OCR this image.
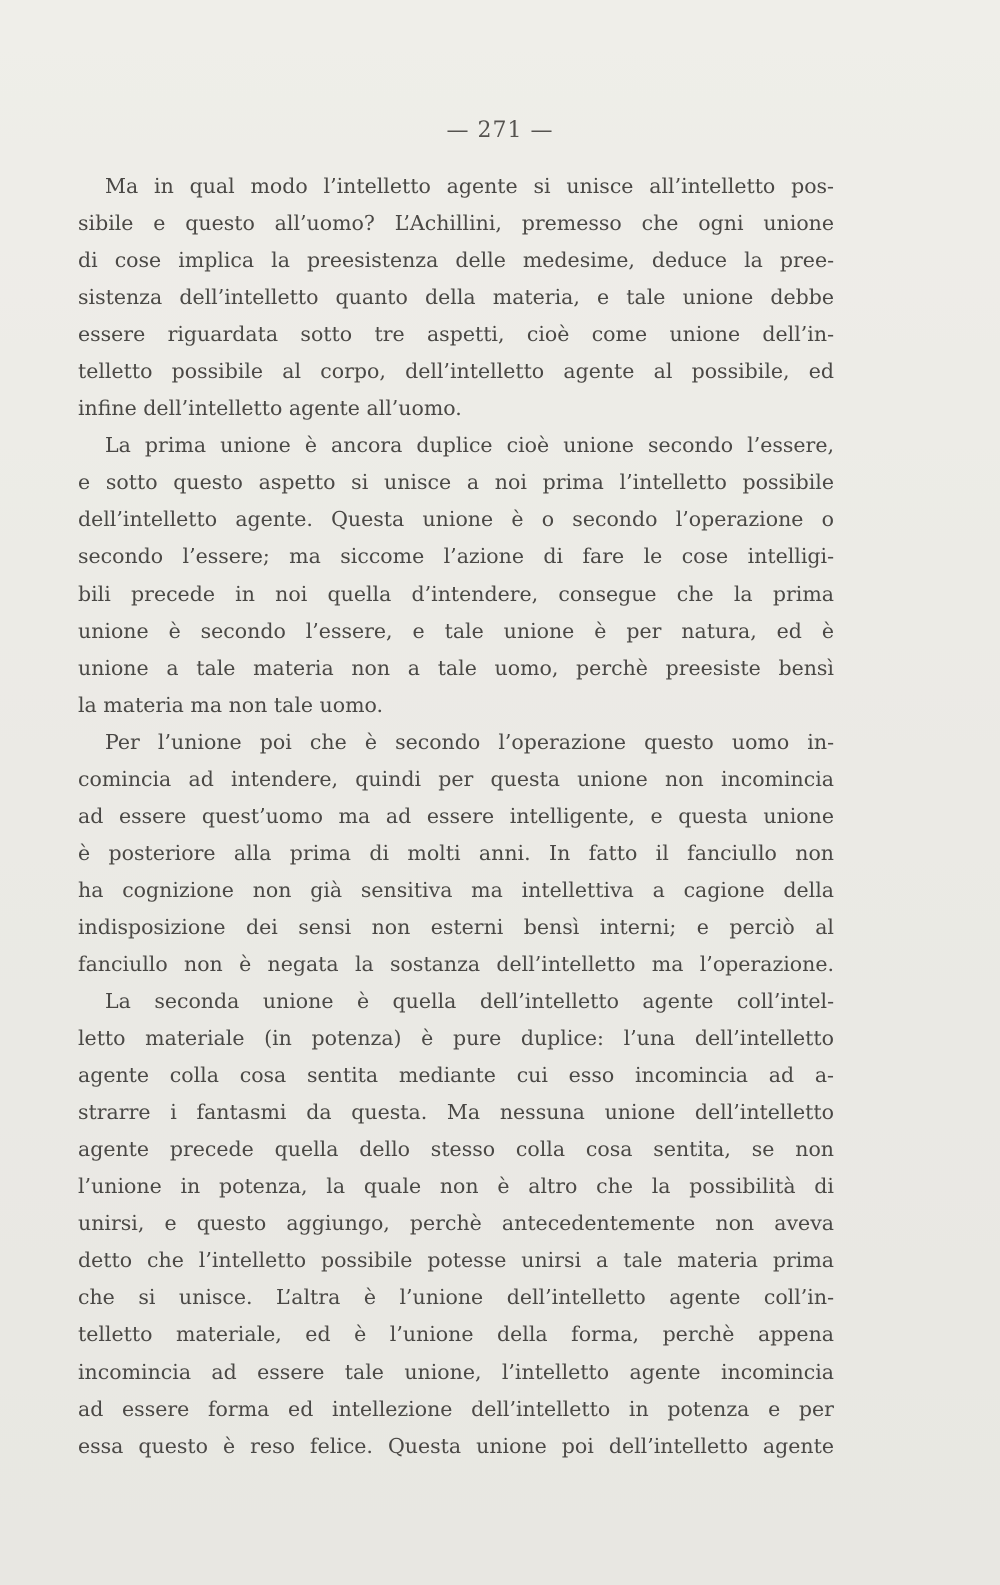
— 271 —
Ma in qual modo l’intelletto agente si unisce all’intelletto pos-
sibile e questo all’uomo? L’Achillini, premesso che ogni unione
di cose implica la preesistenza delle medesime, deduce la pree-
sistenza dell’intelletto quanto della materia, e tale unione debbe
essere riguardata sotto tre aspetti, cioè come unione dell’in-
telletto possibile al corpo, dell’intelletto agente al possibile, ed
infine dell’intelletto agente all’uomo.
La prima unione è ancora duplice cioè unione secondo l’essere,
e sotto questo aspetto si unisce a noi prima l’intelletto possibile
dell’intelletto agente. Questa unione è o secondo l’operazione o
secondo l’essere; ma siccome l’azione di fare le cose intelligi-
bili precede in noi quella d’intendere, consegue che la prima
unione è secondo l’essere, e tale unione è per natura, ed è
unione a tale materia non a tale uomo, perchè preesiste bensì
la materia ma non tale uomo.
Per l’unione poi che è secondo l’operazione questo uomo in-
comincia ad intendere, quindi per questa unione non incomincia
ad essere quest’uomo ma ad essere intelligente, e questa unione
è posteriore alla prima di molti anni. In fatto il fanciullo non
ha cognizione non già sensitiva ma intellettiva a cagione della
indisposizione dei sensi non esterni bensì interni; e perciò al
fanciullo non è negata la sostanza dell’intelletto ma l’operazione.
La seconda unione è quella dell’intelletto agente coll’intel-
letto materiale (in potenza) è pure duplice: l’una dell’intelletto
agente colla cosa sentita mediante cui esso incomincia ad a-
strarre i fantasmi da questa. Ma nessuna unione dell’intelletto
agente precede quella dello stesso colla cosa sentita, se non
l’unione in potenza, la quale non è altro che la possibilità di
unirsi, e questo aggiungo, perchè antecedentemente non aveva
detto che l’intelletto possibile potesse unirsi a tale materia prima
che si unisce. L’altra è l’unione dell’intelletto agente coll’in-
telletto materiale, ed è l’unione della forma, perchè appena
incomincia ad essere tale unione, l’intelletto agente incomincia
ad essere forma ed intellezione dell’intelletto in potenza e per
essa questo è reso felice. Questa unione poi dell’intelletto agente
